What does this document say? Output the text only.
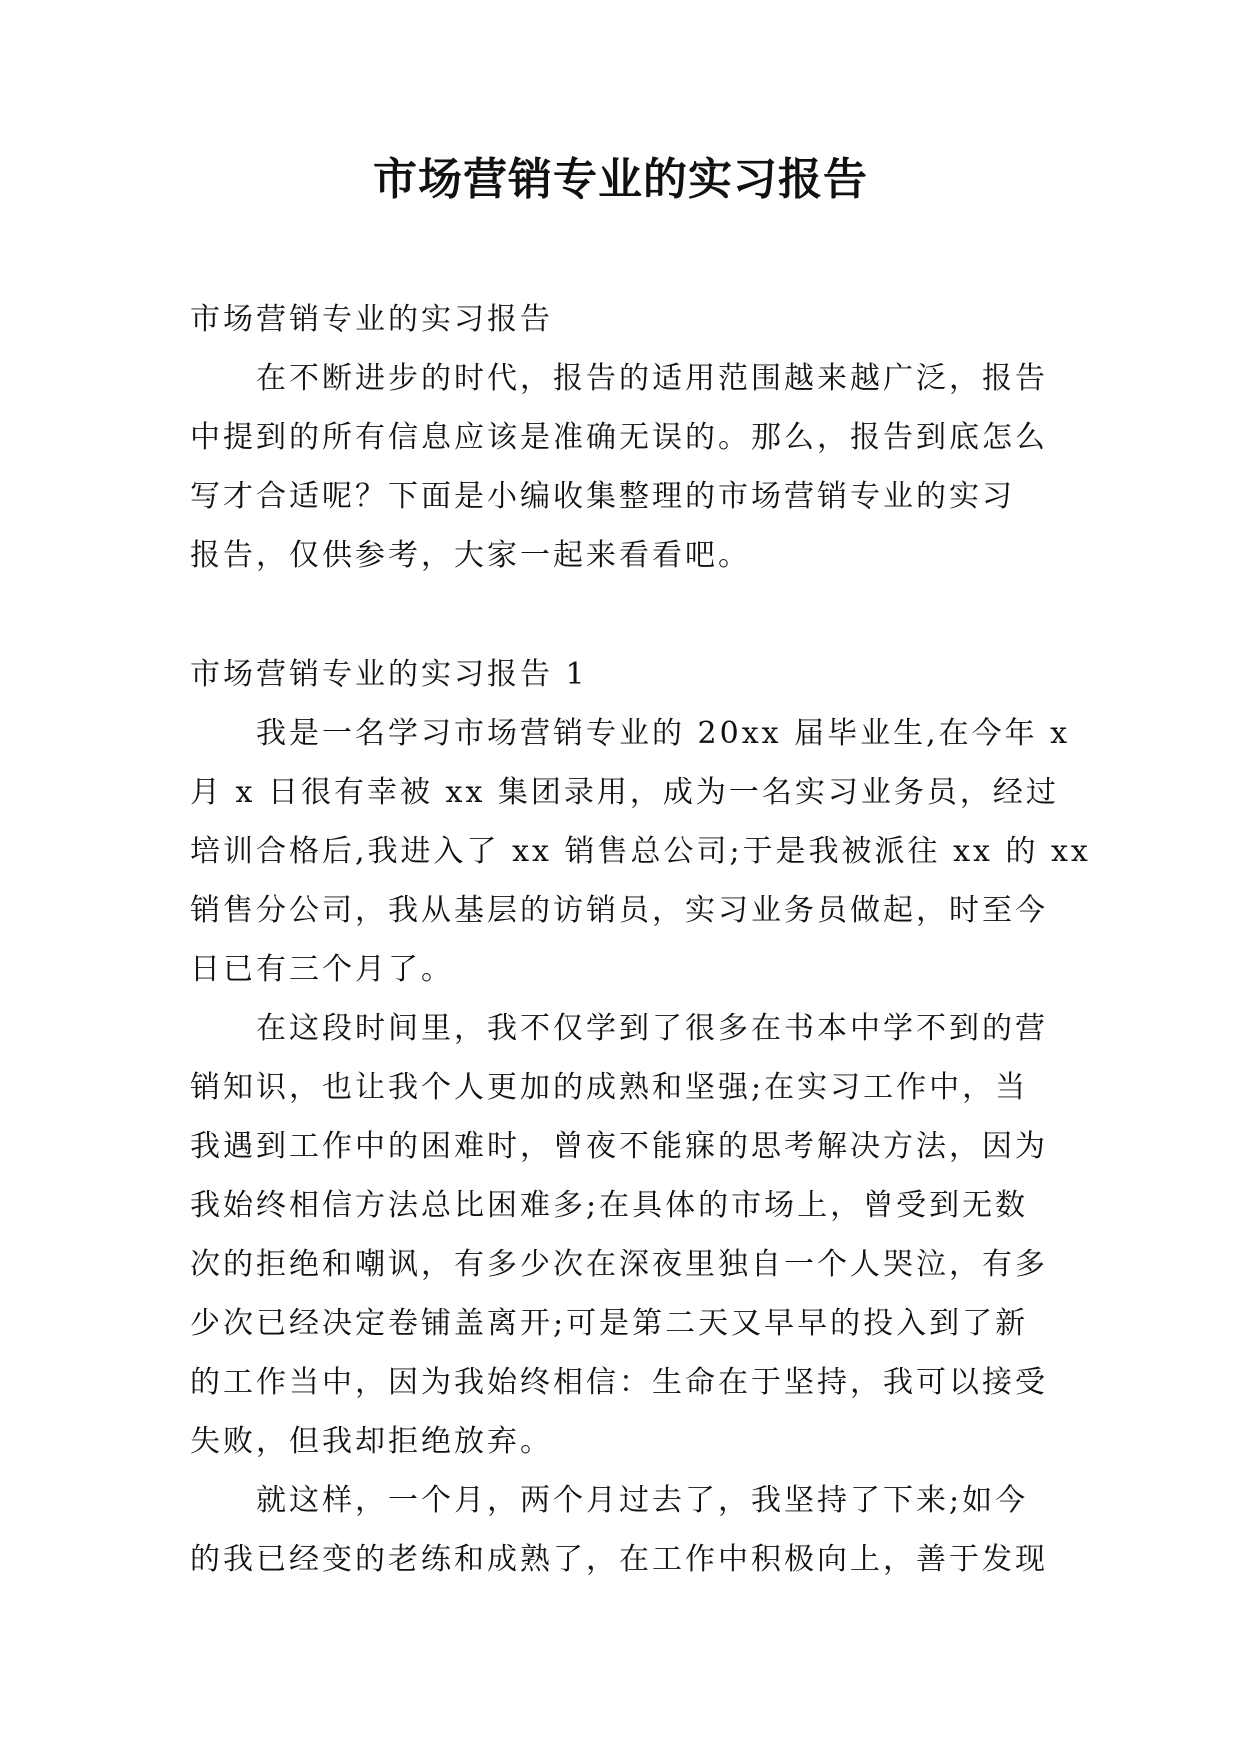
市场营销专业的实习报告
市场营销专业的实习报告
在不断进步的时代，报告的适用范围越来越广泛，报告
中提到的所有信息应该是准确无误的。那么，报告到底怎么
写才合适呢？下面是小编收集整理的市场营销专业的实习
报告，仅供参考，大家一起来看看吧。
市场营销专业的实习报告 1
我是一名学习市场营销专业的 20xx 届毕业生,在今年 x
月 x 日很有幸被 xx 集团录用，成为一名实习业务员，经过
培训合格后,我进入了 xx 销售总公司;于是我被派往 xx 的 xx
销售分公司，我从基层的访销员，实习业务员做起，时至今
日已有三个月了。
在这段时间里，我不仅学到了很多在书本中学不到的营
销知识，也让我个人更加的成熟和坚强;在实习工作中，当
我遇到工作中的困难时，曾夜不能寐的思考解决方法，因为
我始终相信方法总比困难多;在具体的市场上，曾受到无数
次的拒绝和嘲讽，有多少次在深夜里独自一个人哭泣，有多
少次已经决定卷铺盖离开;可是第二天又早早的投入到了新
的工作当中，因为我始终相信：生命在于坚持，我可以接受
失败，但我却拒绝放弃。
就这样，一个月，两个月过去了，我坚持了下来;如今
的我已经变的老练和成熟了，在工作中积极向上，善于发现
